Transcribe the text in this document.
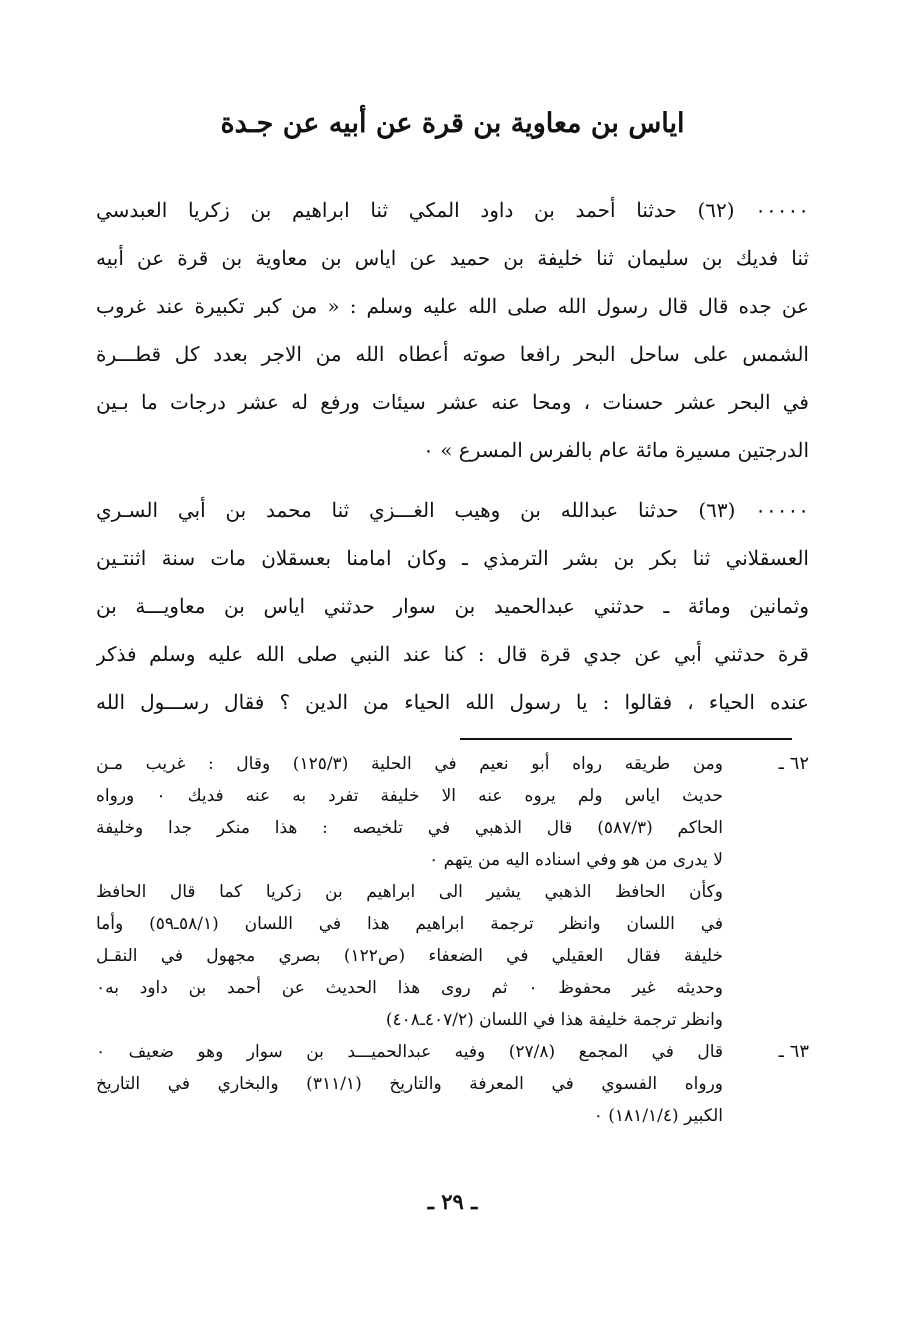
اياس بن معاوية بن قرة عن أبيه عن جـدة
٠٠٠٠٠ (٦٢) حدثنا أحمد بن داود المكي ثنا ابراهيم بن زكريا العبدسي
ثنا فديك بن سليمان ثنا خليفة بن حميد عن اياس بن معاوية بن قرة عن أبيه
عن جده قال قال رسول الله صلى الله عليه وسلم : « من كبر تكبيرة عند غروب
الشمس على ساحل البحر رافعا صوته أعطاه الله من الاجر بعدد كل قطـــرة
في البحر عشر حسنات ، ومحا عنه عشر سيئات ورفع له عشر درجات ما بـين
الدرجتين مسيرة مائة عام بالفرس المسرع » ٠
٠٠٠٠٠ (٦٣) حدثنا عبدالله بن وهيب الغـــزي ثنا محمد بن أبي السـري
العسقلاني ثنا بكر بن بشر الترمذي ـ وكان امامنا بعسقلان مات سنة اثنتـين
وثمانين ومائة ـ حدثني عبدالحميد بن سوار حدثني اياس بن معاويـــة بن
قرة حدثني أبي عن جدي قرة قال : كنا عند النبي صلى الله عليه وسلم فذكر
عنده الحياء ، فقالوا : يا رسول الله الحياء من الدين ؟ فقال رســـول الله
٦٢ ـ
ومن طريقه رواه أبو نعيم في الحلية (١٢٥/٣) وقال : غريب مـن
حديث اياس ولم يروه عنه الا خليفة تفرد به عنه فديك ٠ ورواه
الحاكم (٥٨٧/٣) قال الذهبي في تلخيصه : هذا منكر جدا وخليفة
لا يدرى من هو وفي اسناده اليه من يتهم ٠
وكأن الحافظ الذهبي يشير الى ابراهيم بن زكريا كما قال الحافظ
في اللسان وانظر ترجمة ابراهيم هذا في اللسان (٥٨/١ـ٥٩) وأما
خليفة فقال العقيلي في الضعفاء (ص١٢٢) بصري مجهول في النقـل
وحديثه غير محفوظ ٠ ثم روى هذا الحديث عن أحمد بن داود به٠
وانظر ترجمة خليفة هذا في اللسان (٤٠٧/٢ـ٤٠٨)
٦٣ ـ
قال في المجمع (٢٧/٨) وفيه عبدالحميـــد بن سوار وهو ضعيف ٠
ورواه الفسوي في المعرفة والتاريخ (٣١١/١) والبخاري في التاريخ
الكبير (١٨١/١/٤) ٠
ـ ٢٩ ـ
